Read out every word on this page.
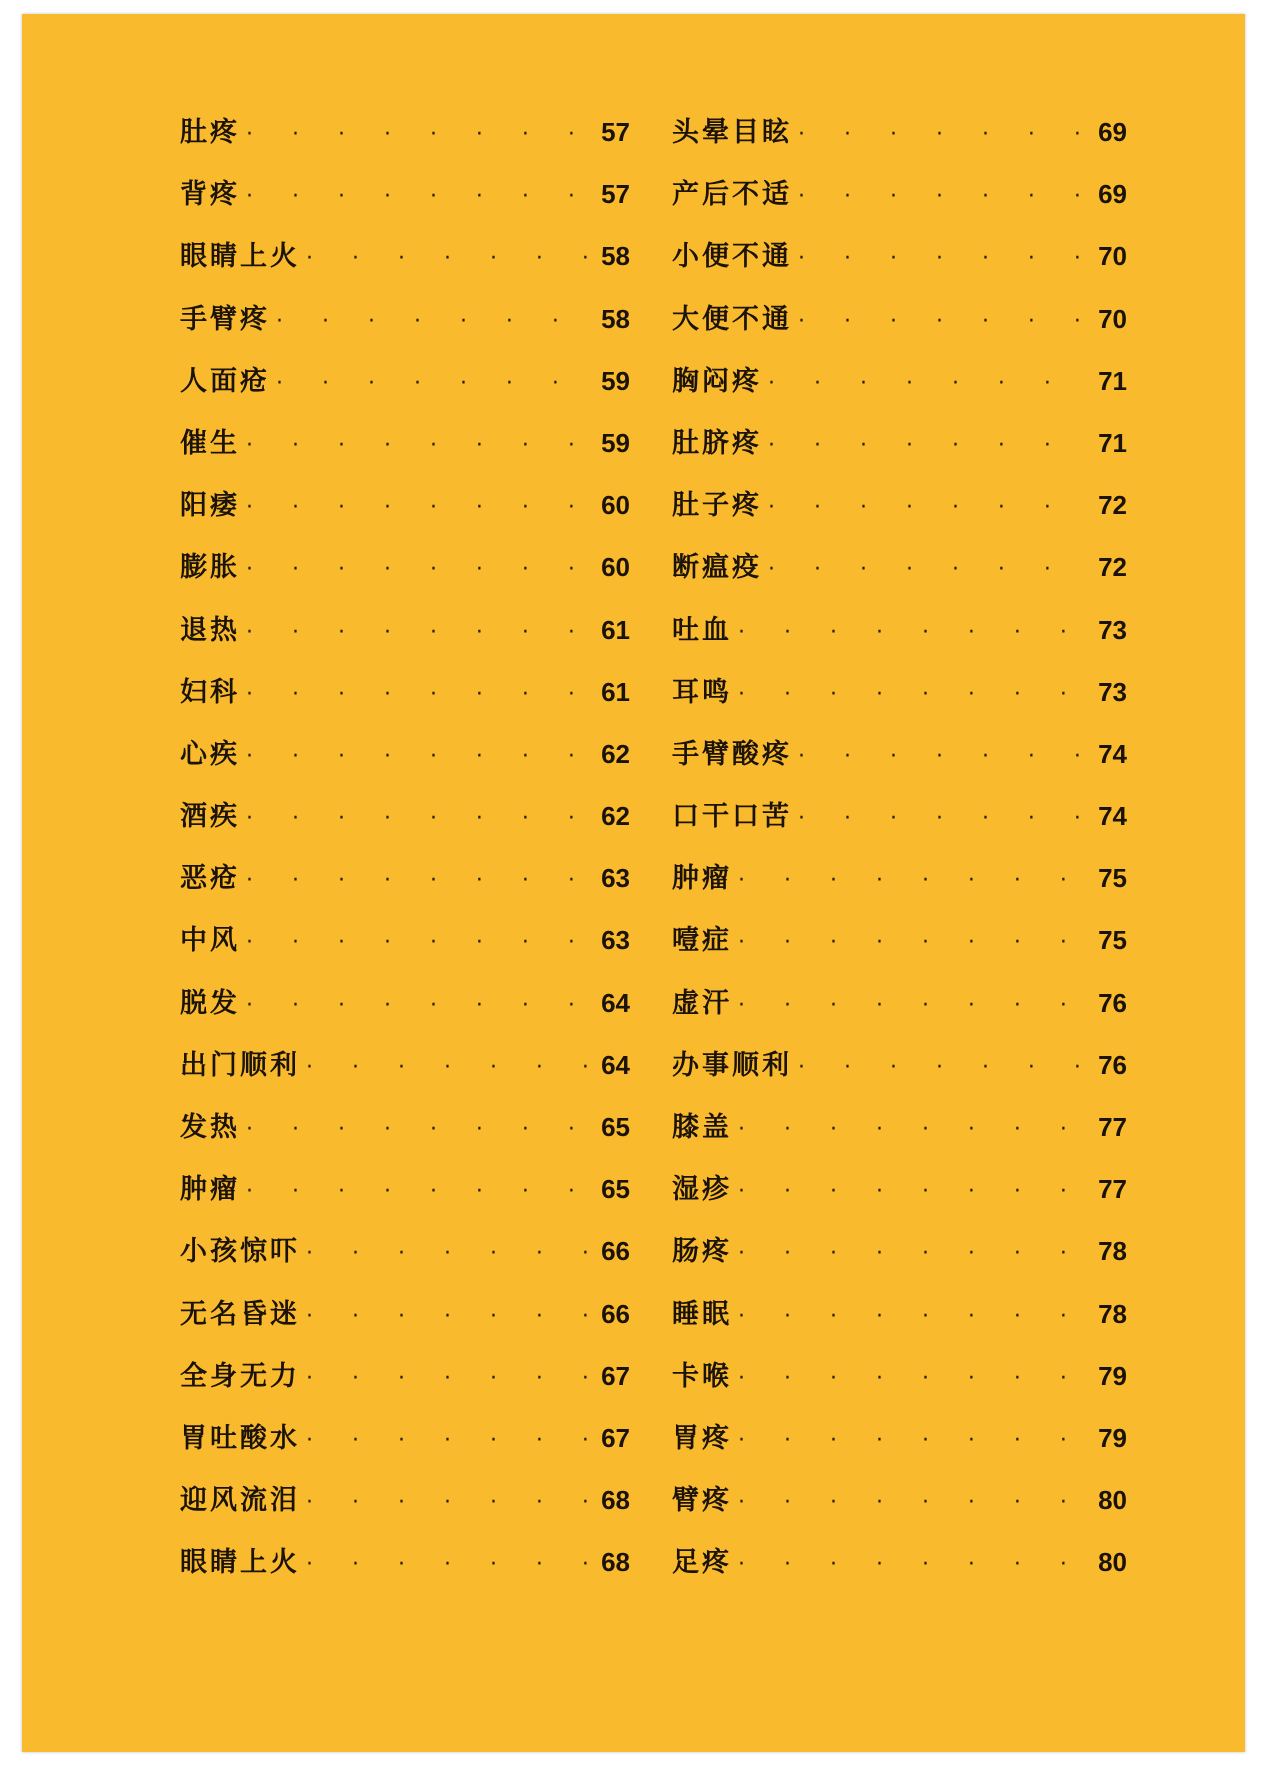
肚疼 · · ·	57
背疼 · · ·	57
眼睛上火 · · ·	58
手臂疼 · · ·	58
人面疮 · · ·	59
催生 · · ·	59
阳痿 · · ·	60
膨胀 · · ·	60
退热 · · ·	61
妇科 · · ·	61
心疾 · · ·	62
酒疾 · · ·	62
恶疮 · · ·	63
中风 · · ·	63
脱发 · · ·	64
出门顺利 · · ·	64
发热 · · ·	65
肿瘤 · · ·	65
小孩惊吓 · · ·	66
无名昏迷 · · ·	66
全身无力 · · ·	67
胃吐酸水 · · ·	67
迎风流泪 · · ·	68
眼睛上火 · · ·	68
头晕目眩 · · ·	69
产后不适 · · ·	69
小便不通 · · ·	70
大便不通 · · ·	70
胸闷疼 · · ·	71
肚脐疼 · · ·	71
肚子疼 · · ·	72
断瘟疫 · · ·	72
吐血 · · ·	73
耳鸣 · · ·	73
手臂酸疼 · · ·	74
口干口苦 · · ·	74
肿瘤 · · ·	75
噎症 · · ·	75
虚汗 · · ·	76
办事顺利 · · ·	76
膝盖 · · ·	77
湿疹 · · ·	77
肠疼 · · ·	78
睡眠 · · ·	78
卡喉 · · ·	79
胃疼 · · ·	79
臂疼 · · ·	80
足疼 · · ·	80
